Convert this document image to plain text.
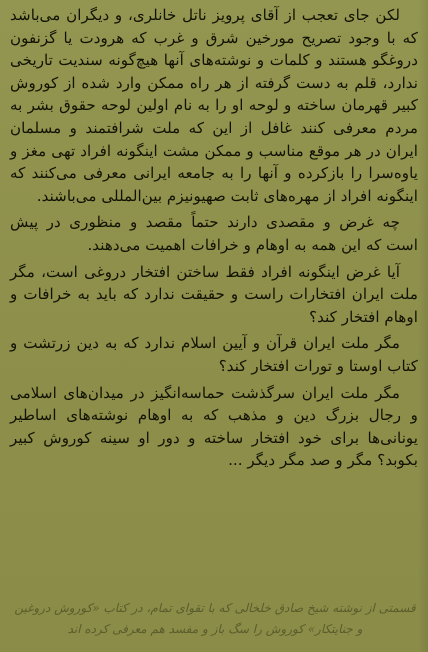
لکن جای تعجب از آقای پرویز ناتل خانلری، و دیگران می‌باشد که با وجود تصریح مورخین شرق و غرب که هرودت یا گزنفون دروغگو هستند و کلمات و نوشته‌های آنها هیچ‌گونه سندیت تاریخی ندارد، قلم به دست گرفته از هر راه ممکن وارد شده از کوروش کبیر قهرمان ساخته و لوحه او را به نام اولین لوحه حقوق بشر به مردم معرفی کنند غافل از این که ملت شرافتمند و مسلمان ایران در هر موقع مناسب و ممکن مشت اینگونه افراد تهی مغز و یاوه‌سرا را بازکرده و آنها را به جامعه ایرانی معرفی می‌کنند که اینگونه افراد از مهره‌های ثابت صهیونیزم بین‌المللی می‌باشند.

چه غرض و مقصدی دارند حتماً مقصد و منظوری در پیش است که این همه به اوهام و خرافات اهمیت می‌دهند.

آیا غرض اینگونه افراد فقط ساختن افتخار دروغی است، مگر ملت ایران افتخارات راست و حقیقت ندارد که باید به خرافات و اوهام افتخار کند؟

مگر ملت ایران قرآن و آیین اسلام ندارد که به دین زرتشت و کتاب اوستا و تورات افتخار کند؟

مگر ملت ایران سرگذشت حماسه‌انگیز در میدان‌های اسلامی و رجال بزرگ دین و مذهب که به اوهام نوشته‌های اساطیر یونانی‌ها برای خود افتخار ساخته و دور او سینه کوروش کبیر بکوبد؟ مگر و صد مگر دیگر ...

قسمتی از نوشته شیخ صادق خلخالی که با تقوای تمام، در کتاب «کوروش دروغین و جنایتکار» کوروش را سگ باز و مفسد هم معرفی کرده اند
